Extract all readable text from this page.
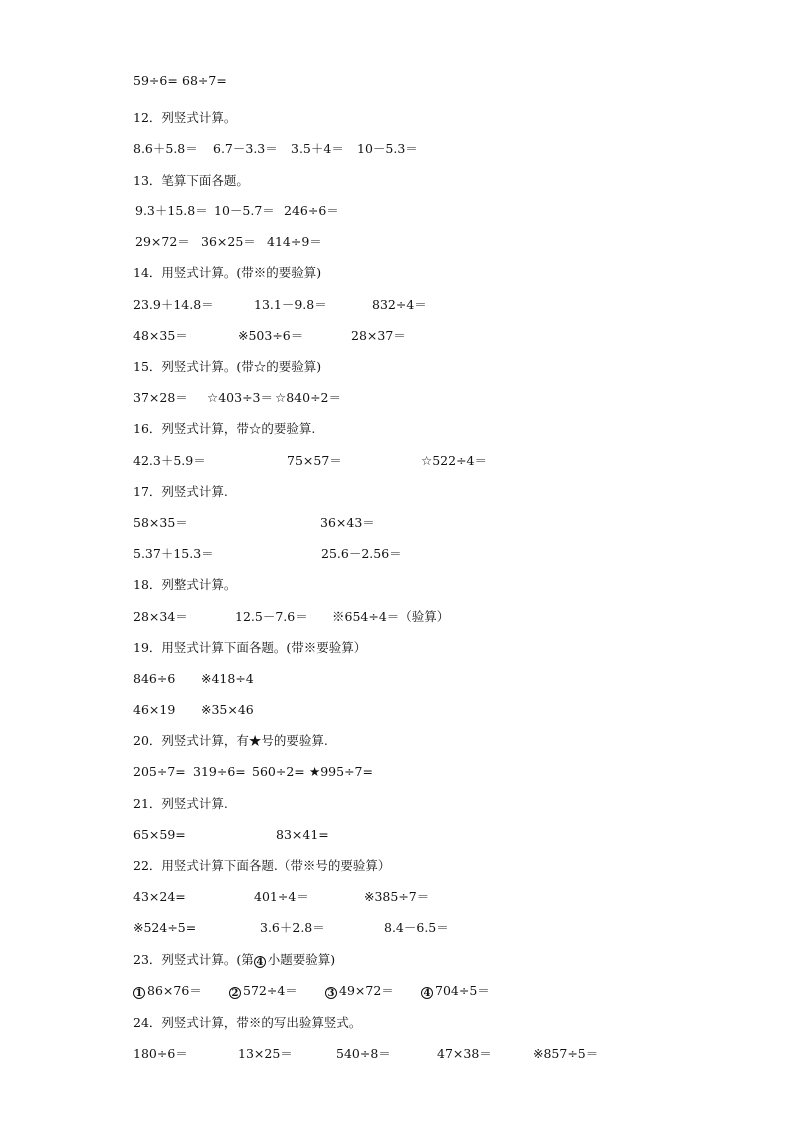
59÷6= 68÷7=
12．列竖式计算。
8.6＋5.8＝ 6.7－3.3＝ 3.5＋4＝ 10－5.3＝
13．笔算下面各题。
9.3＋15.8＝ 10－5.7＝ 246÷6＝
29×72＝ 36×25＝ 414÷9＝
14．用竖式计算。(带※的要验算)
23.9＋14.8＝	13.1－9.8＝	832÷4＝
48×35＝	※503÷6＝	28×37＝
15．列竖式计算。(带☆的要验算)
37×28＝ ☆403÷3＝ ☆840÷2＝
16．列竖式计算，带☆的要验算.
42.3＋5.9＝	75×57＝	☆522÷4＝
17．列竖式计算.
58×35＝	36×43＝
5.37＋15.3＝	25.6－2.56＝
18．列整式计算。
28×34＝	12.5－7.6＝ ※654÷4＝（验算）
19．用竖式计算下面各题。(带※要验算）
846÷6 ※418÷4
46×19 ※35×46
20．列竖式计算，有★号的要验算.
205÷7= 319÷6= 560÷2= ★995÷7=
21．列竖式计算.
65×59=	83×41=
22．用竖式计算下面各题.（带※号的要验算）
43×24=	401÷4＝	※385÷7＝
※524÷5=	3.6＋2.8＝	8.4－6.5＝
23．列竖式计算。(第 4 小题要验算)
1 86×76＝	2 572÷4＝	3 49×72＝	4 704÷5＝
24．列竖式计算，带※的写出验算竖式。
180÷6＝	13×25＝	540÷8＝	47×38＝	※857÷5＝
